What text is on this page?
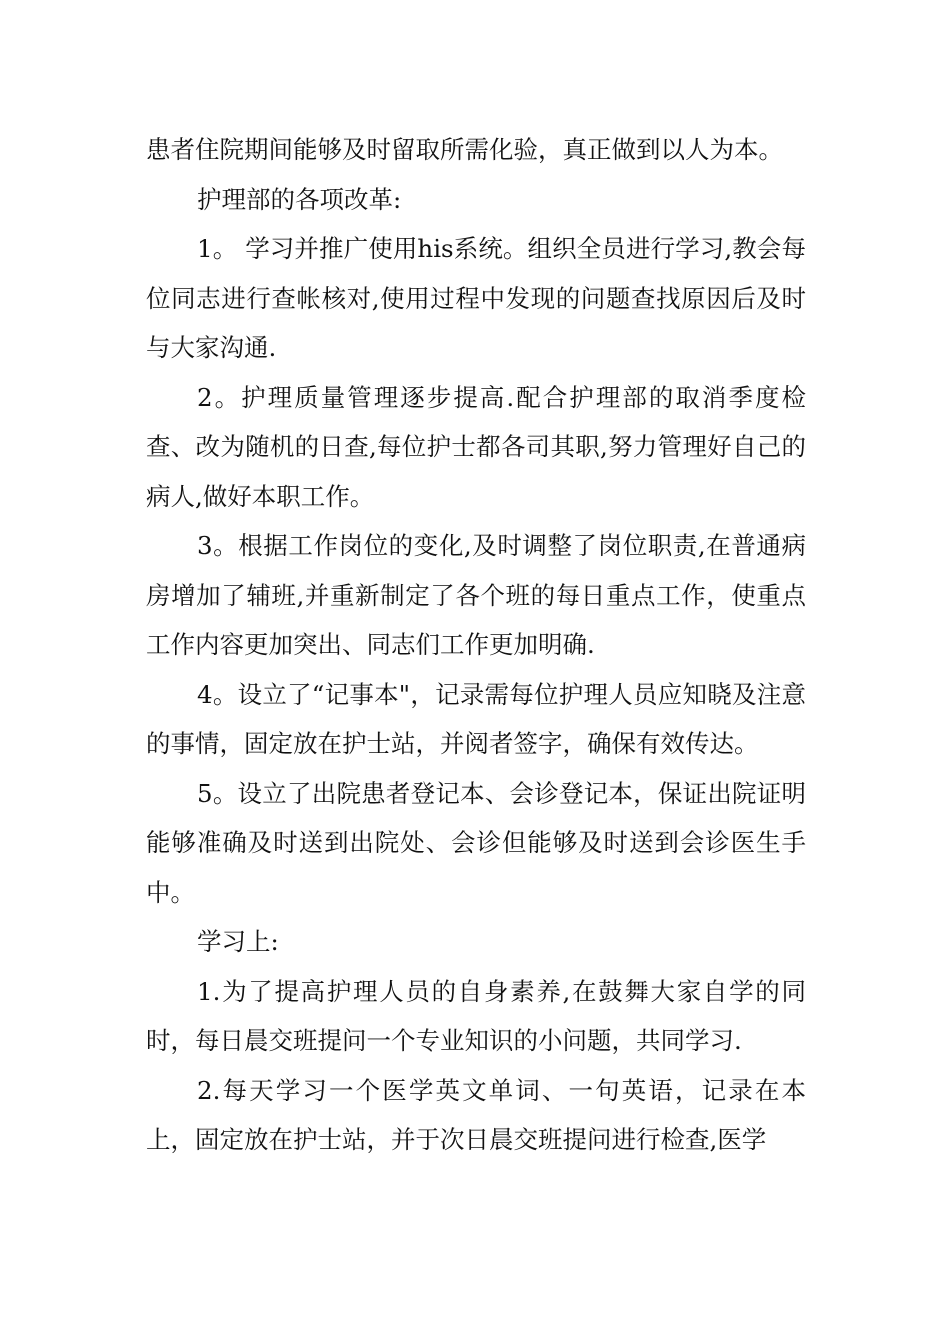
患者住院期间能够及时留取所需化验，真正做到以人为本。

护理部的各项改革:

1。 学习并推广使用his系统。组织全员进行学习,教会每位同志进行查帐核对,使用过程中发现的问题查找原因后及时与大家沟通.

2。护理质量管理逐步提高.配合护理部的取消季度检查、改为随机的日查,每位护士都各司其职,努力管理好自己的病人,做好本职工作。

3。根据工作岗位的变化,及时调整了岗位职责,在普通病房增加了辅班,并重新制定了各个班的每日重点工作，使重点工作内容更加突出、同志们工作更加明确.

4。设立了“记事本"，记录需每位护理人员应知晓及注意的事情，固定放在护士站，并阅者签字，确保有效传达。

5。设立了出院患者登记本、会诊登记本，保证出院证明能够准确及时送到出院处、会诊但能够及时送到会诊医生手中。

学习上:

1.为了提高护理人员的自身素养,在鼓舞大家自学的同时，每日晨交班提问一个专业知识的小问题，共同学习.

2.每天学习一个医学英文单词、一句英语，记录在本上，固定放在护士站，并于次日晨交班提问进行检查,医学
